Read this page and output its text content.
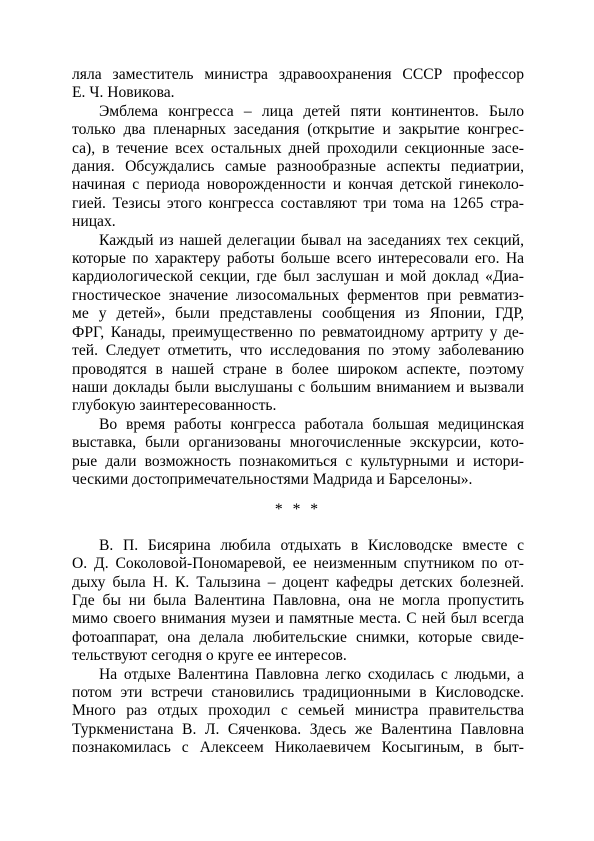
ляла заместитель министра здравоохранения СССР профессор

Е. Ч. Новикова.

Эмблема конгресса – лица детей пяти континентов. Было

только два пленарных заседания (открытие и закрытие конгрес-

са), в течение всех остальных дней проходили секционные засе-

дания. Обсуждались самые разнообразные аспекты педиатрии,

начиная с периода новорожденности и кончая детской гинеколо-

гией. Тезисы этого конгресса составляют три тома на 1265 стра-

ницах.

Каждый из нашей делегации бывал на заседаниях тех секций,

которые по характеру работы больше всего интересовали его. На

кардиологической секции, где был заслушан и мой доклад «Диа-

гностическое значение лизосомальных ферментов при ревматиз-

ме у детей», были представлены сообщения из Японии, ГДР,

ФРГ, Канады, преимущественно по ревматоидному артриту у де-

тей. Следует отметить, что исследования по этому заболеванию

проводятся в нашей стране в более широком аспекте, поэтому

наши доклады были выслушаны с большим вниманием и вызвали

глубокую заинтересованность.

Во время работы конгресса работала большая медицинская

выставка, были организованы многочисленные экскурсии, кото-

рые дали возможность познакомиться с культурными и истори-

ческими достопримечательностями Мадрида и Барселоны».

* * *

В. П. Бисярина любила отдыхать в Кисловодске вместе с

О. Д. Соколовой-Пономаревой, ее неизменным спутником по от-

дыху была Н. К. Талызина – доцент кафедры детских болезней.

Где бы ни была Валентина Павловна, она не могла пропустить

мимо своего внимания музеи и памятные места. С ней был всегда

фотоаппарат, она делала любительские снимки, которые свиде-

тельствуют сегодня о круге ее интересов.

На отдыхе Валентина Павловна легко сходилась с людьми, а

потом эти встречи становились традиционными в Кисловодске.

Много раз отдых проходил с семьей министра правительства

Туркменистана В. Л. Сяченкова. Здесь же Валентина Павловна

познакомилась с Алексеем Николаевичем Косыгиным, в быт-
